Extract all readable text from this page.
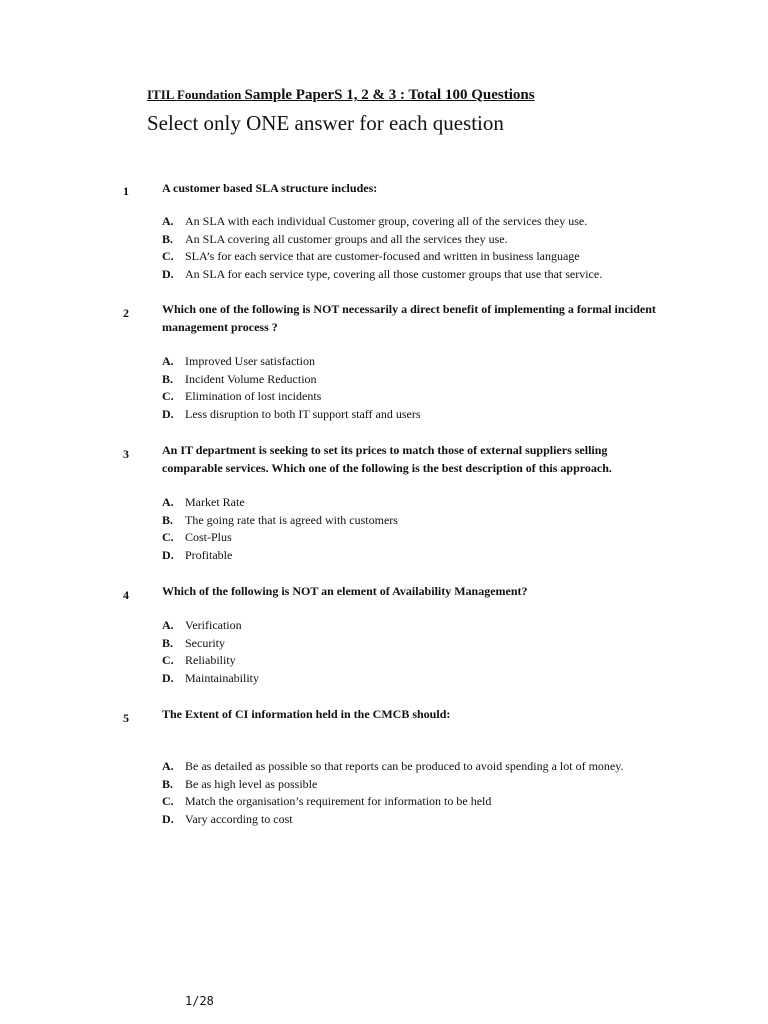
ITIL Foundation Sample PaperS 1, 2 & 3 : Total 100 Questions
Select only ONE answer for each question
1	A customer based SLA structure includes:
A. An SLA with each individual Customer group, covering all of the services they use.
B. An SLA covering all customer groups and all the services they use.
C. SLA’s for each service that are customer-focused and written in business language
D. An SLA for each service type, covering all those customer groups that use that service.
2	Which one of the following is NOT necessarily a direct benefit of implementing a formal incident management process ?
A. Improved User satisfaction
B. Incident Volume Reduction
C. Elimination of lost incidents
D. Less disruption to both IT support staff and users
3	An IT department is seeking to set its prices to match those of external suppliers selling comparable services. Which one of the following is the best description of this approach.
A. Market Rate
B. The going rate that is agreed with customers
C. Cost-Plus
D. Profitable
4	Which of the following is NOT an element of Availability Management?
A. Verification
B. Security
C. Reliability
D. Maintainability
5	The Extent of CI information held in the CMCB should:
A. Be as detailed as possible so that reports can be produced to avoid spending a lot of money.
B. Be as high level as possible
C. Match the organisation’s requirement for information to be held
D. Vary according to cost
1/28
